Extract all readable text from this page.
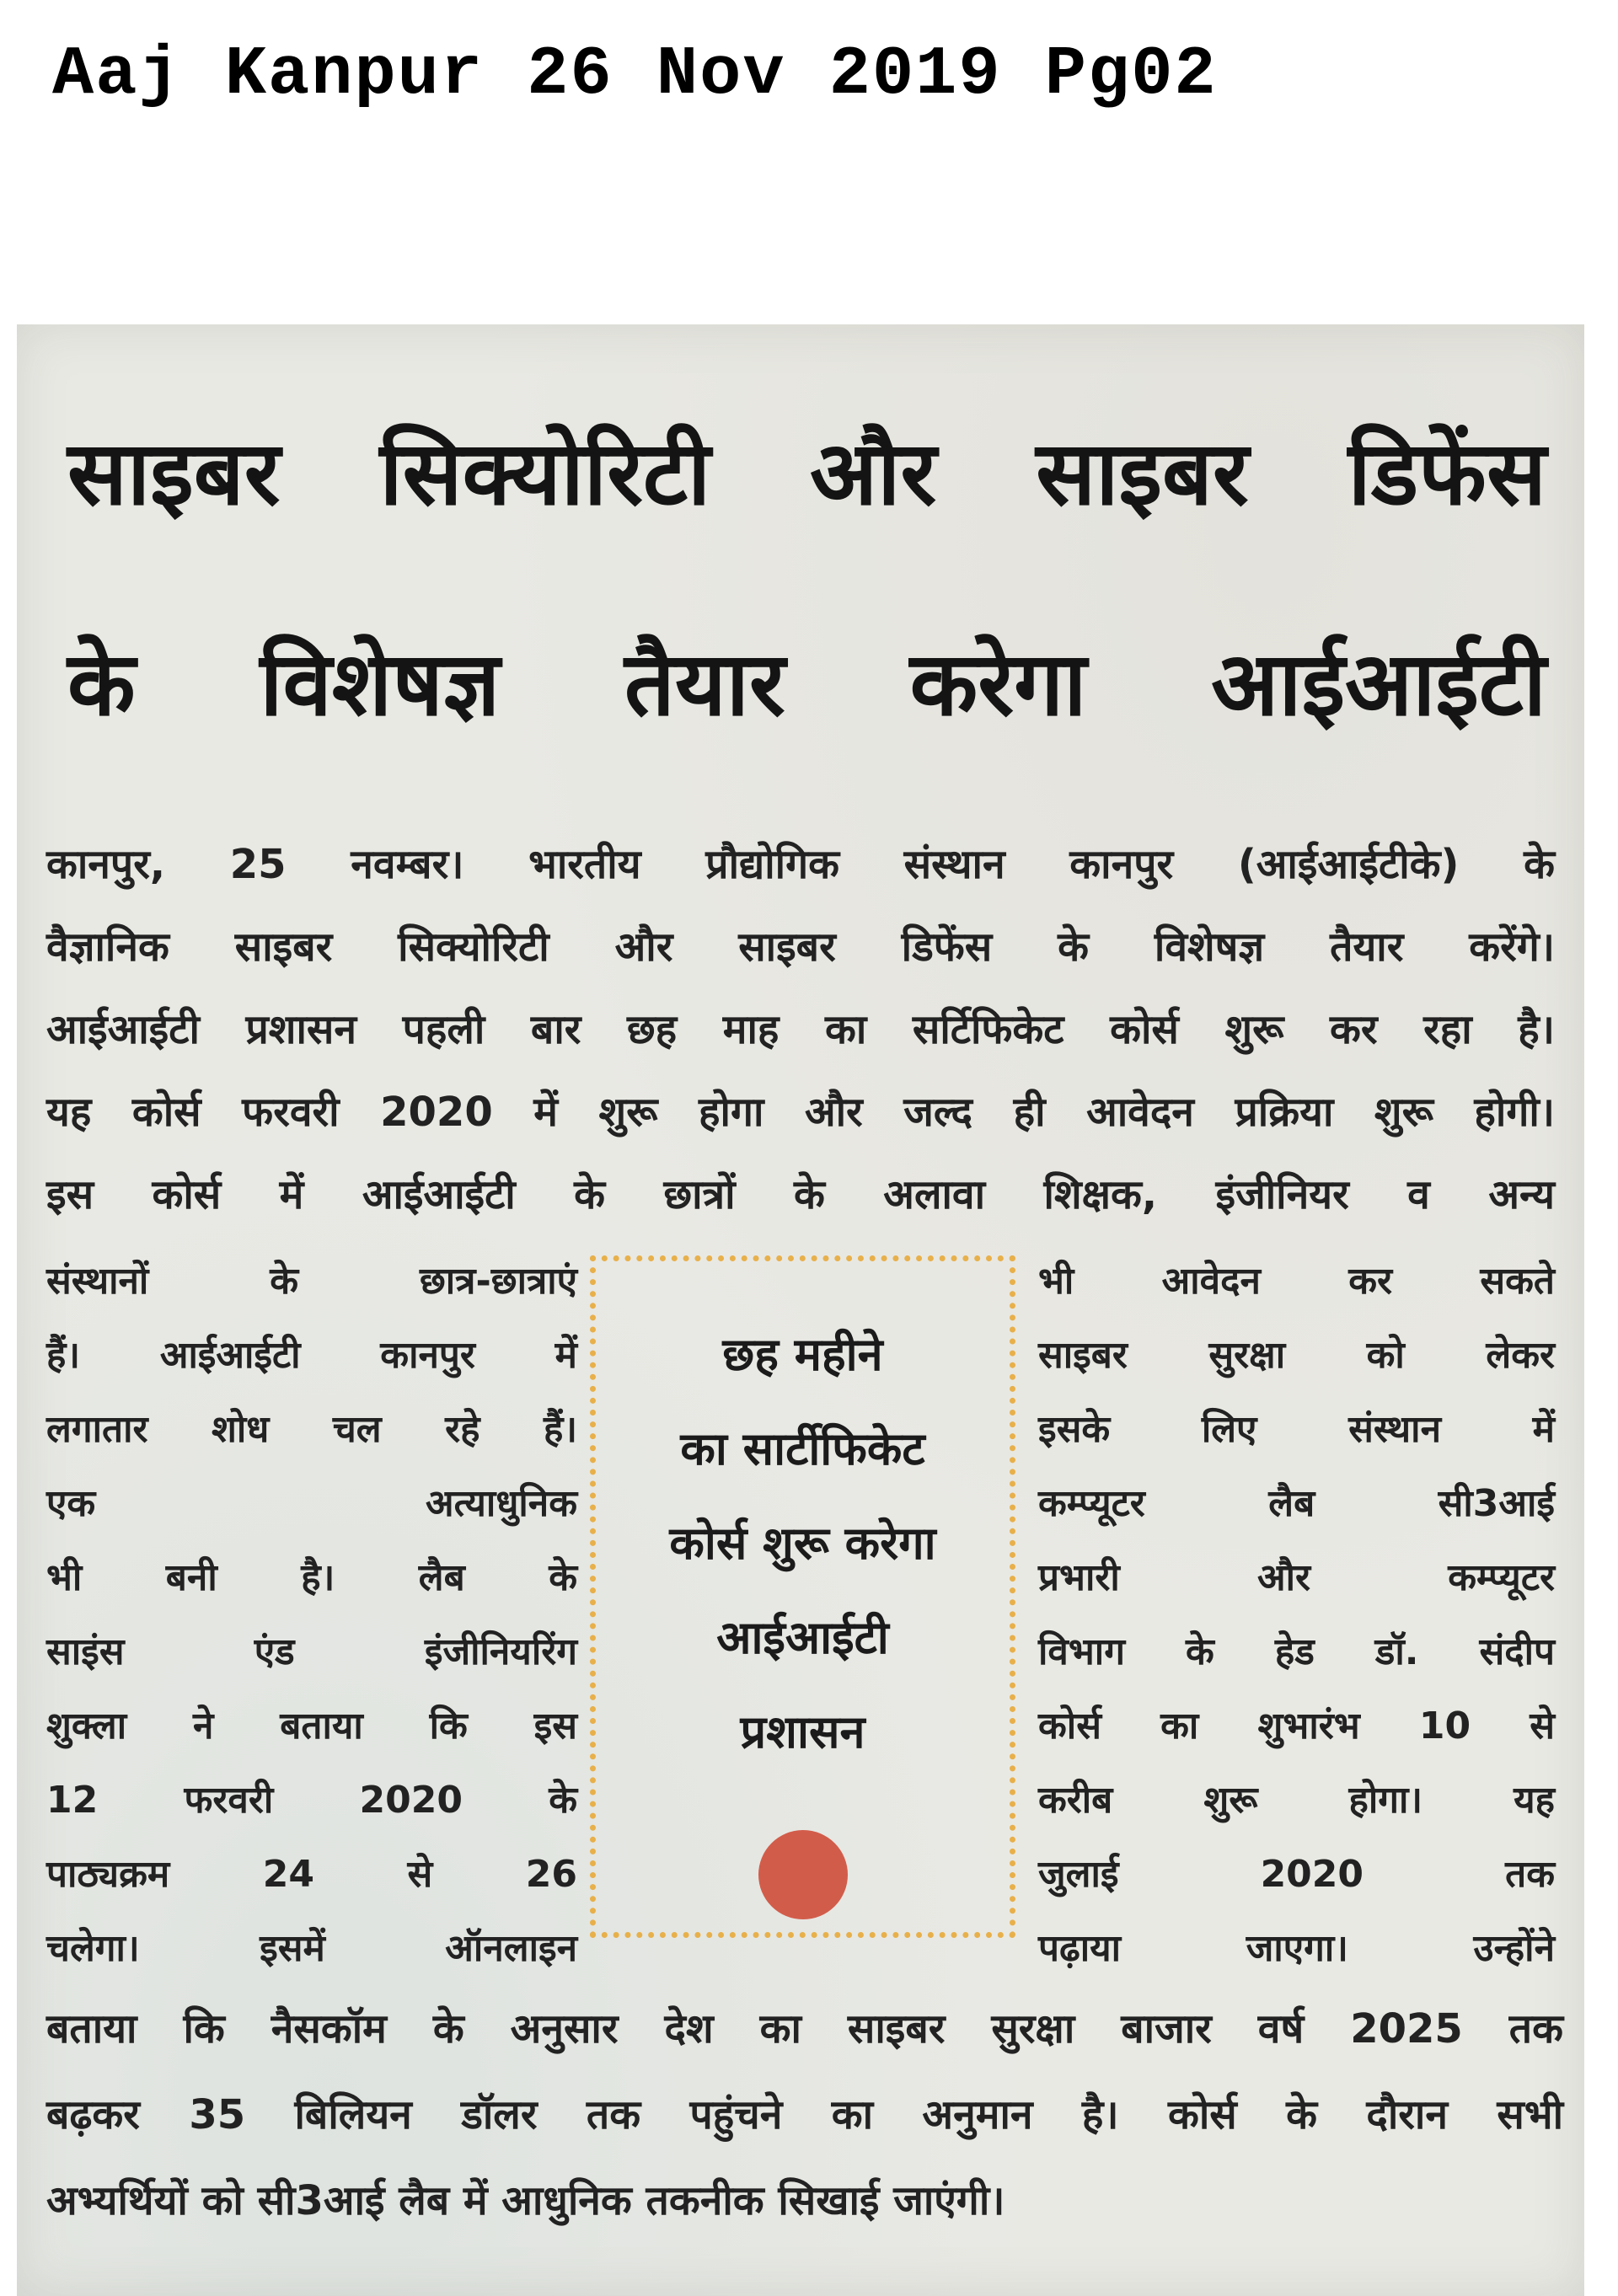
Aaj Kanpur 26 Nov 2019 Pg02
साइबर सिक्योरिटी और साइबर डिफेंस
के विशेषज्ञ तैयार करेगा आईआईटी
कानपुर, 25 नवम्बर। भारतीय प्रौद्योगिक संस्थान कानपुर (आईआईटीके) के
वैज्ञानिक साइबर सिक्योरिटी और साइबर डिफेंस के विशेषज्ञ तैयार करेंगे।
आईआईटी प्रशासन पहली बार छह माह का सर्टिफिकेट कोर्स शुरू कर रहा है।
यह कोर्स फरवरी 2020 में शुरू होगा और जल्द ही आवेदन प्रक्रिया शुरू होगी।
इस कोर्स में आईआईटी के छात्रों के अलावा शिक्षक, इंजीनियर व अन्य
संस्थानों के छात्र-छात्राएं
हैं। आईआईटी कानपुर में
लगातार शोध चल रहे हैं।
एक अत्याधुनिक
भी बनी है। लैब के
साइंस एंड इंजीनियरिंग
शुक्ला ने बताया कि इस
12 फरवरी 2020 के
पाठ्यक्रम 24 से 26
चलेगा। इसमें ऑनलाइन
छह महीने
का सार्टीफिकेट
कोर्स शुरू करेगा
आईआईटी
प्रशासन
भी आवेदन कर सकते
साइबर सुरक्षा को लेकर
इसके लिए संस्थान में
कम्प्यूटर लैब सी3आई
प्रभारी और कम्प्यूटर
विभाग के हेड डॉ. संदीप
कोर्स का शुभारंभ 10 से
करीब शुरू होगा। यह
जुलाई 2020 तक
पढ़ाया जाएगा। उन्होंने
बताया कि नैसकॉम के अनुसार देश का साइबर सुरक्षा बाजार वर्ष 2025 तक
बढ़कर 35 बिलियन डॉलर तक पहुंचने का अनुमान है। कोर्स के दौरान सभी
अभ्यर्थियों को सी3आई लैब में आधुनिक तकनीक सिखाई जाएंगी।
